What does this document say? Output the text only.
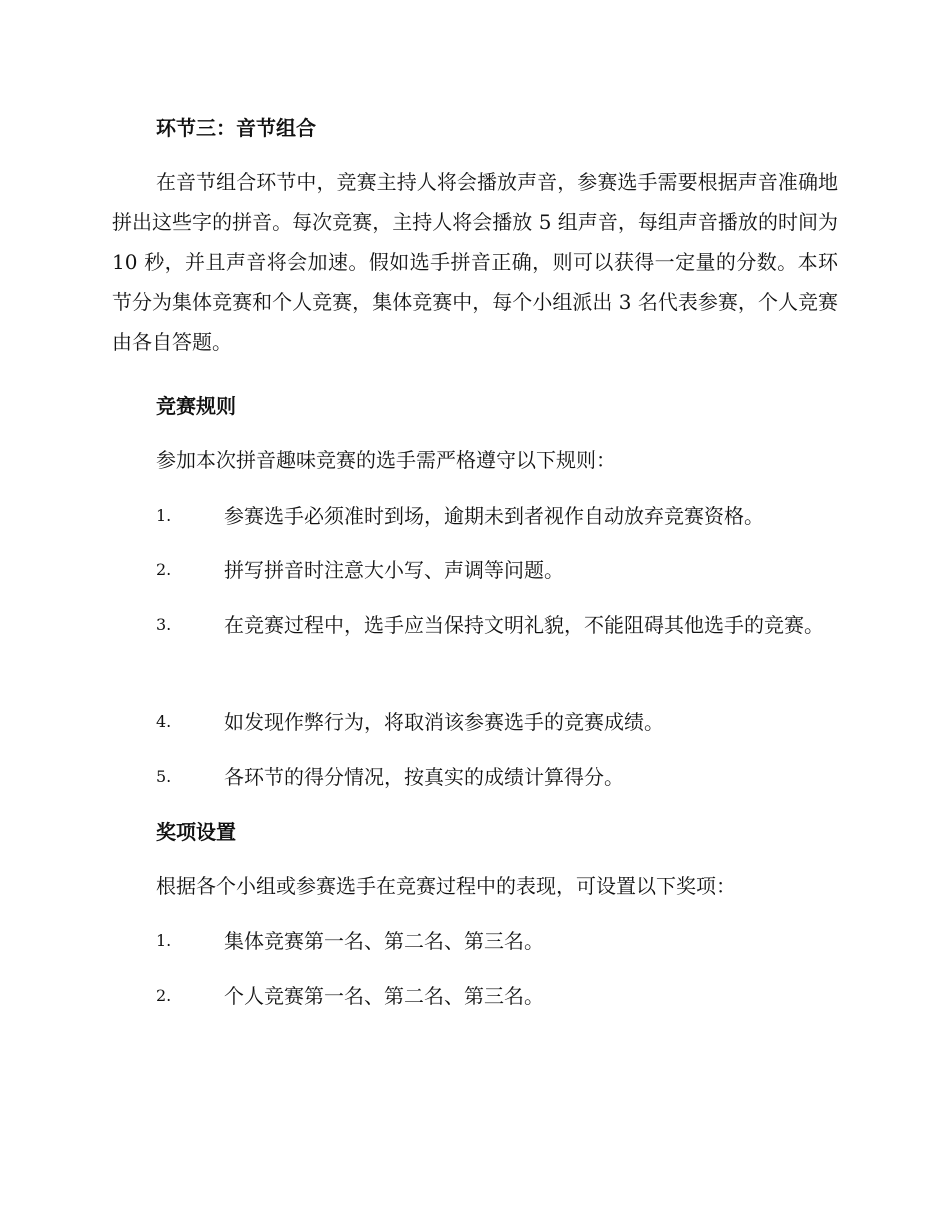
环节三：音节组合
在音节组合环节中，竞赛主持人将会播放声音，参赛选手需要根据声音准确地拼出这些字的拼音。每次竞赛，主持人将会播放 5 组声音，每组声音播放的时间为 10 秒，并且声音将会加速。假如选手拼音正确，则可以获得一定量的分数。本环节分为集体竞赛和个人竞赛，集体竞赛中，每个小组派出 3 名代表参赛，个人竞赛由各自答题。
竞赛规则
参加本次拼音趣味竞赛的选手需严格遵守以下规则：
1.	参赛选手必须准时到场，逾期未到者视作自动放弃竞赛资格。
2.	拼写拼音时注意大小写、声调等问题。
3.	在竞赛过程中，选手应当保持文明礼貌，不能阻碍其他选手的竞赛。
4.	如发现作弊行为，将取消该参赛选手的竞赛成绩。
5.	各环节的得分情况，按真实的成绩计算得分。
奖项设置
根据各个小组或参赛选手在竞赛过程中的表现，可设置以下奖项：
1.	集体竞赛第一名、第二名、第三名。
2.	个人竞赛第一名、第二名、第三名。
